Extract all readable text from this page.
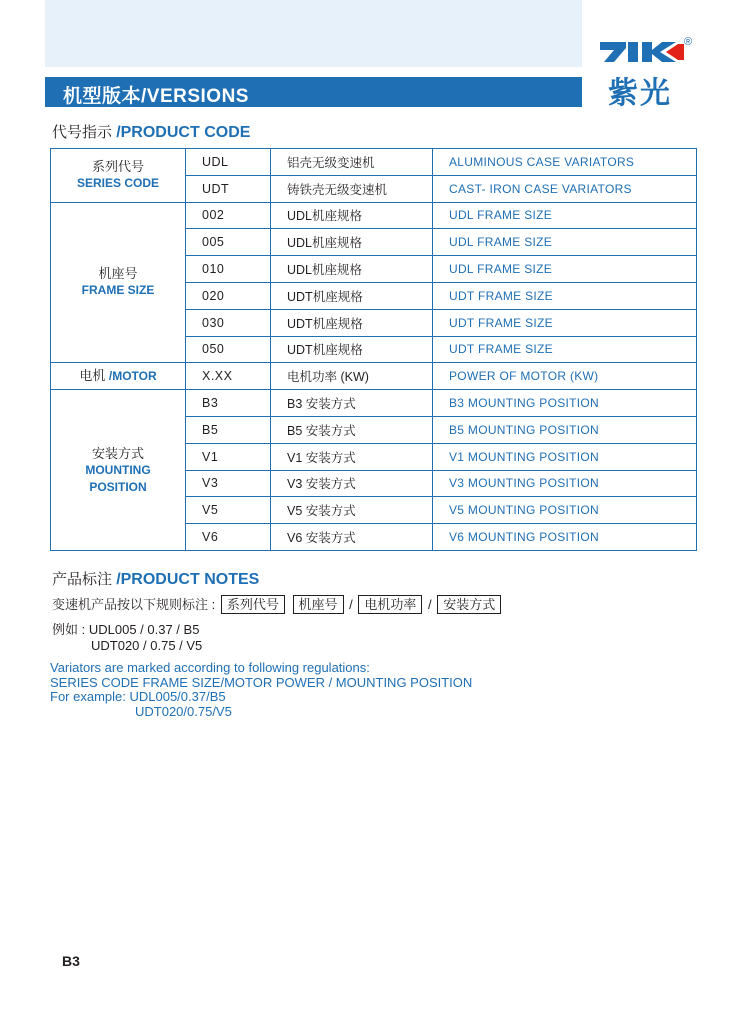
机型版本/VERSIONS
®
紫光
代号指示 /PRODUCT CODE
系列代号
SERIES CODE	UDL	铝壳无级变速机	ALUMINOUS CASE VARIATORS
	UDT	铸铁壳无级变速机	CAST- IRON CASE VARIATORS

机座号
FRAME SIZE	002	UDL机座规格	UDL FRAME SIZE
	005	UDL机座规格	UDL FRAME SIZE
	010	UDL机座规格	UDL FRAME SIZE
	020	UDT机座规格	UDT FRAME SIZE
	030	UDT机座规格	UDT FRAME SIZE
	050	UDT机座规格	UDT FRAME SIZE
电机 /MOTOR	X.XX	电机功率 (KW)	POWER OF MOTOR (KW)

安装方式
MOUNTING POSITION	B3	B3 安装方式	B3 MOUNTING POSITION
	B5	B5 安装方式	B5 MOUNTING POSITION
	V1	V1 安装方式	V1 MOUNTING POSITION
	V3	V3 安装方式	V3 MOUNTING POSITION
	V5	V5 安装方式	V5 MOUNTING POSITION
	V6	V6 安装方式	V6 MOUNTING POSITION
产品标注 /PRODUCT NOTES
变速机产品按以下规则标注 : 系列代号 机座号 / 电机功率 / 安装方式
例如 : UDL005 / 0.37 / B5
UDT020 / 0.75 / V5
Variators are marked according to following regulations:
SERIES CODE FRAME SIZE/MOTOR POWER / MOUNTING POSITION
For example: UDL005/0.37/B5
UDT020/0.75/V5
B3
